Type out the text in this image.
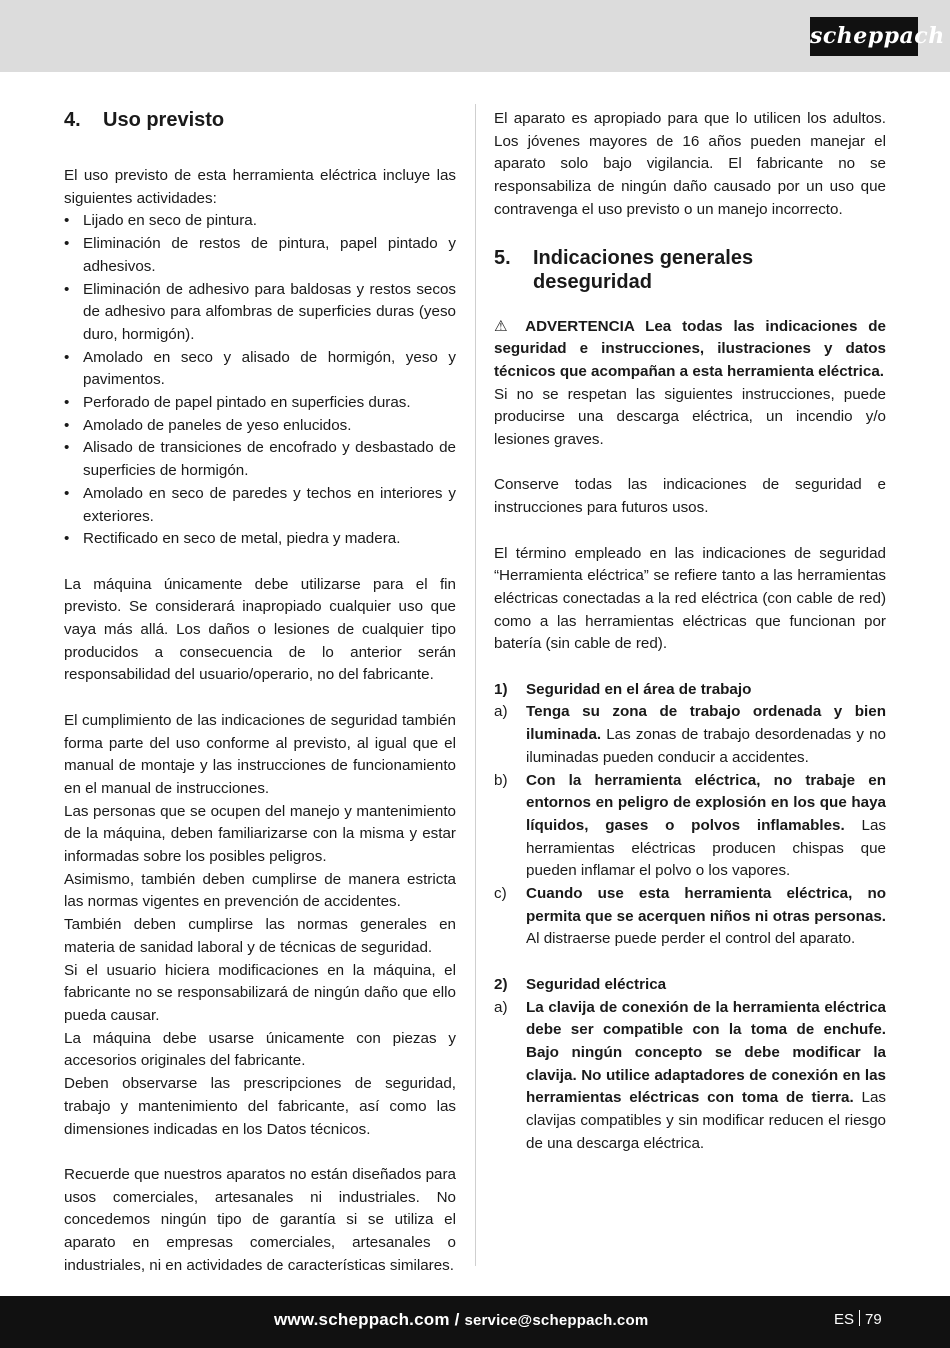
scheppach
4.	Uso previsto

El uso previsto de esta herramienta eléctrica incluye las siguientes actividades:

• Lijado en seco de pintura.
• Eliminación de restos de pintura, papel pintado y adhesivos.
• Eliminación de adhesivo para baldosas y restos secos de adhesivo para alfombras de superficies duras (yeso duro, hormigón).
• Amolado en seco y alisado de hormigón, yeso y pavimentos.
• Perforado de papel pintado en superficies duras.
• Amolado de paneles de yeso enlucidos.
• Alisado de transiciones de encofrado y desbastado de superficies de hormigón.
• Amolado en seco de paredes y techos en interiores y exteriores.
• Rectificado en seco de metal, piedra y madera.

La máquina únicamente debe utilizarse para el fin previsto. Se considerará inapropiado cualquier uso que vaya más allá. Los daños o lesiones de cualquier tipo producidos a consecuencia de lo anterior serán responsabilidad del usuario/operario, no del fabricante.

El cumplimiento de las indicaciones de seguridad también forma parte del uso conforme al previsto, al igual que el manual de montaje y las instrucciones de funcionamiento en el manual de instrucciones.

Las personas que se ocupen del manejo y mantenimiento de la máquina, deben familiarizarse con la misma y estar informadas sobre los posibles peligros.

Asimismo, también deben cumplirse de manera estricta las normas vigentes en prevención de accidentes.

También deben cumplirse las normas generales en materia de sanidad laboral y de técnicas de seguridad.

Si el usuario hiciera modificaciones en la máquina, el fabricante no se responsabilizará de ningún daño que ello pueda causar.

La máquina debe usarse únicamente con piezas y accesorios originales del fabricante.

Deben observarse las prescripciones de seguridad, trabajo y mantenimiento del fabricante, así como las dimensiones indicadas en los Datos técnicos.

Recuerde que nuestros aparatos no están diseñados para usos comerciales, artesanales ni industriales. No concedemos ningún tipo de garantía si se utiliza el aparato en empresas comerciales, artesanales o industriales, ni en actividades de características similares.

El aparato es apropiado para que lo utilicen los adultos. Los jóvenes mayores de 16 años pueden manejar el aparato solo bajo vigilancia. El fabricante no se responsabiliza de ningún daño causado por un uso que contravenga el uso previsto o un manejo incorrecto.

5.	Indicaciones generales
deseguridad

⚠ ADVERTENCIA Lea todas las indicaciones de seguridad e instrucciones, ilustraciones y datos técnicos que acompañan a esta herramienta eléctrica.

Si no se respetan las siguientes instrucciones, puede producirse una descarga eléctrica, un incendio y/o lesiones graves.

Conserve todas las indicaciones de seguridad e instrucciones para futuros usos.

El término empleado en las indicaciones de seguridad “Herramienta eléctrica” se refiere tanto a las herramientas eléctricas conectadas a la red eléctrica (con cable de red) como a las herramientas eléctricas que funcionan por batería (sin cable de red).

1)	Seguridad en el área de trabajo
a)	Tenga su zona de trabajo ordenada y bien iluminada. Las zonas de trabajo desordenadas y no iluminadas pueden conducir a accidentes.
b)	Con la herramienta eléctrica, no trabaje en entornos en peligro de explosión en los que haya líquidos, gases o polvos inflamables. Las herramientas eléctricas producen chispas que pueden inflamar el polvo o los vapores.
c)	Cuando use esta herramienta eléctrica, no permita que se acerquen niños ni otras personas. Al distraerse puede perder el control del aparato.
2)	Seguridad eléctrica
a)	La clavija de conexión de la herramienta eléctrica debe ser compatible con la toma de enchufe. Bajo ningún concepto se debe modificar la clavija. No utilice adaptadores de conexión en las herramientas eléctricas con toma de tierra. Las clavijas compatibles y sin modificar reducen el riesgo de una descarga eléctrica.
www.scheppach.com / service@scheppach.com	ES 79
